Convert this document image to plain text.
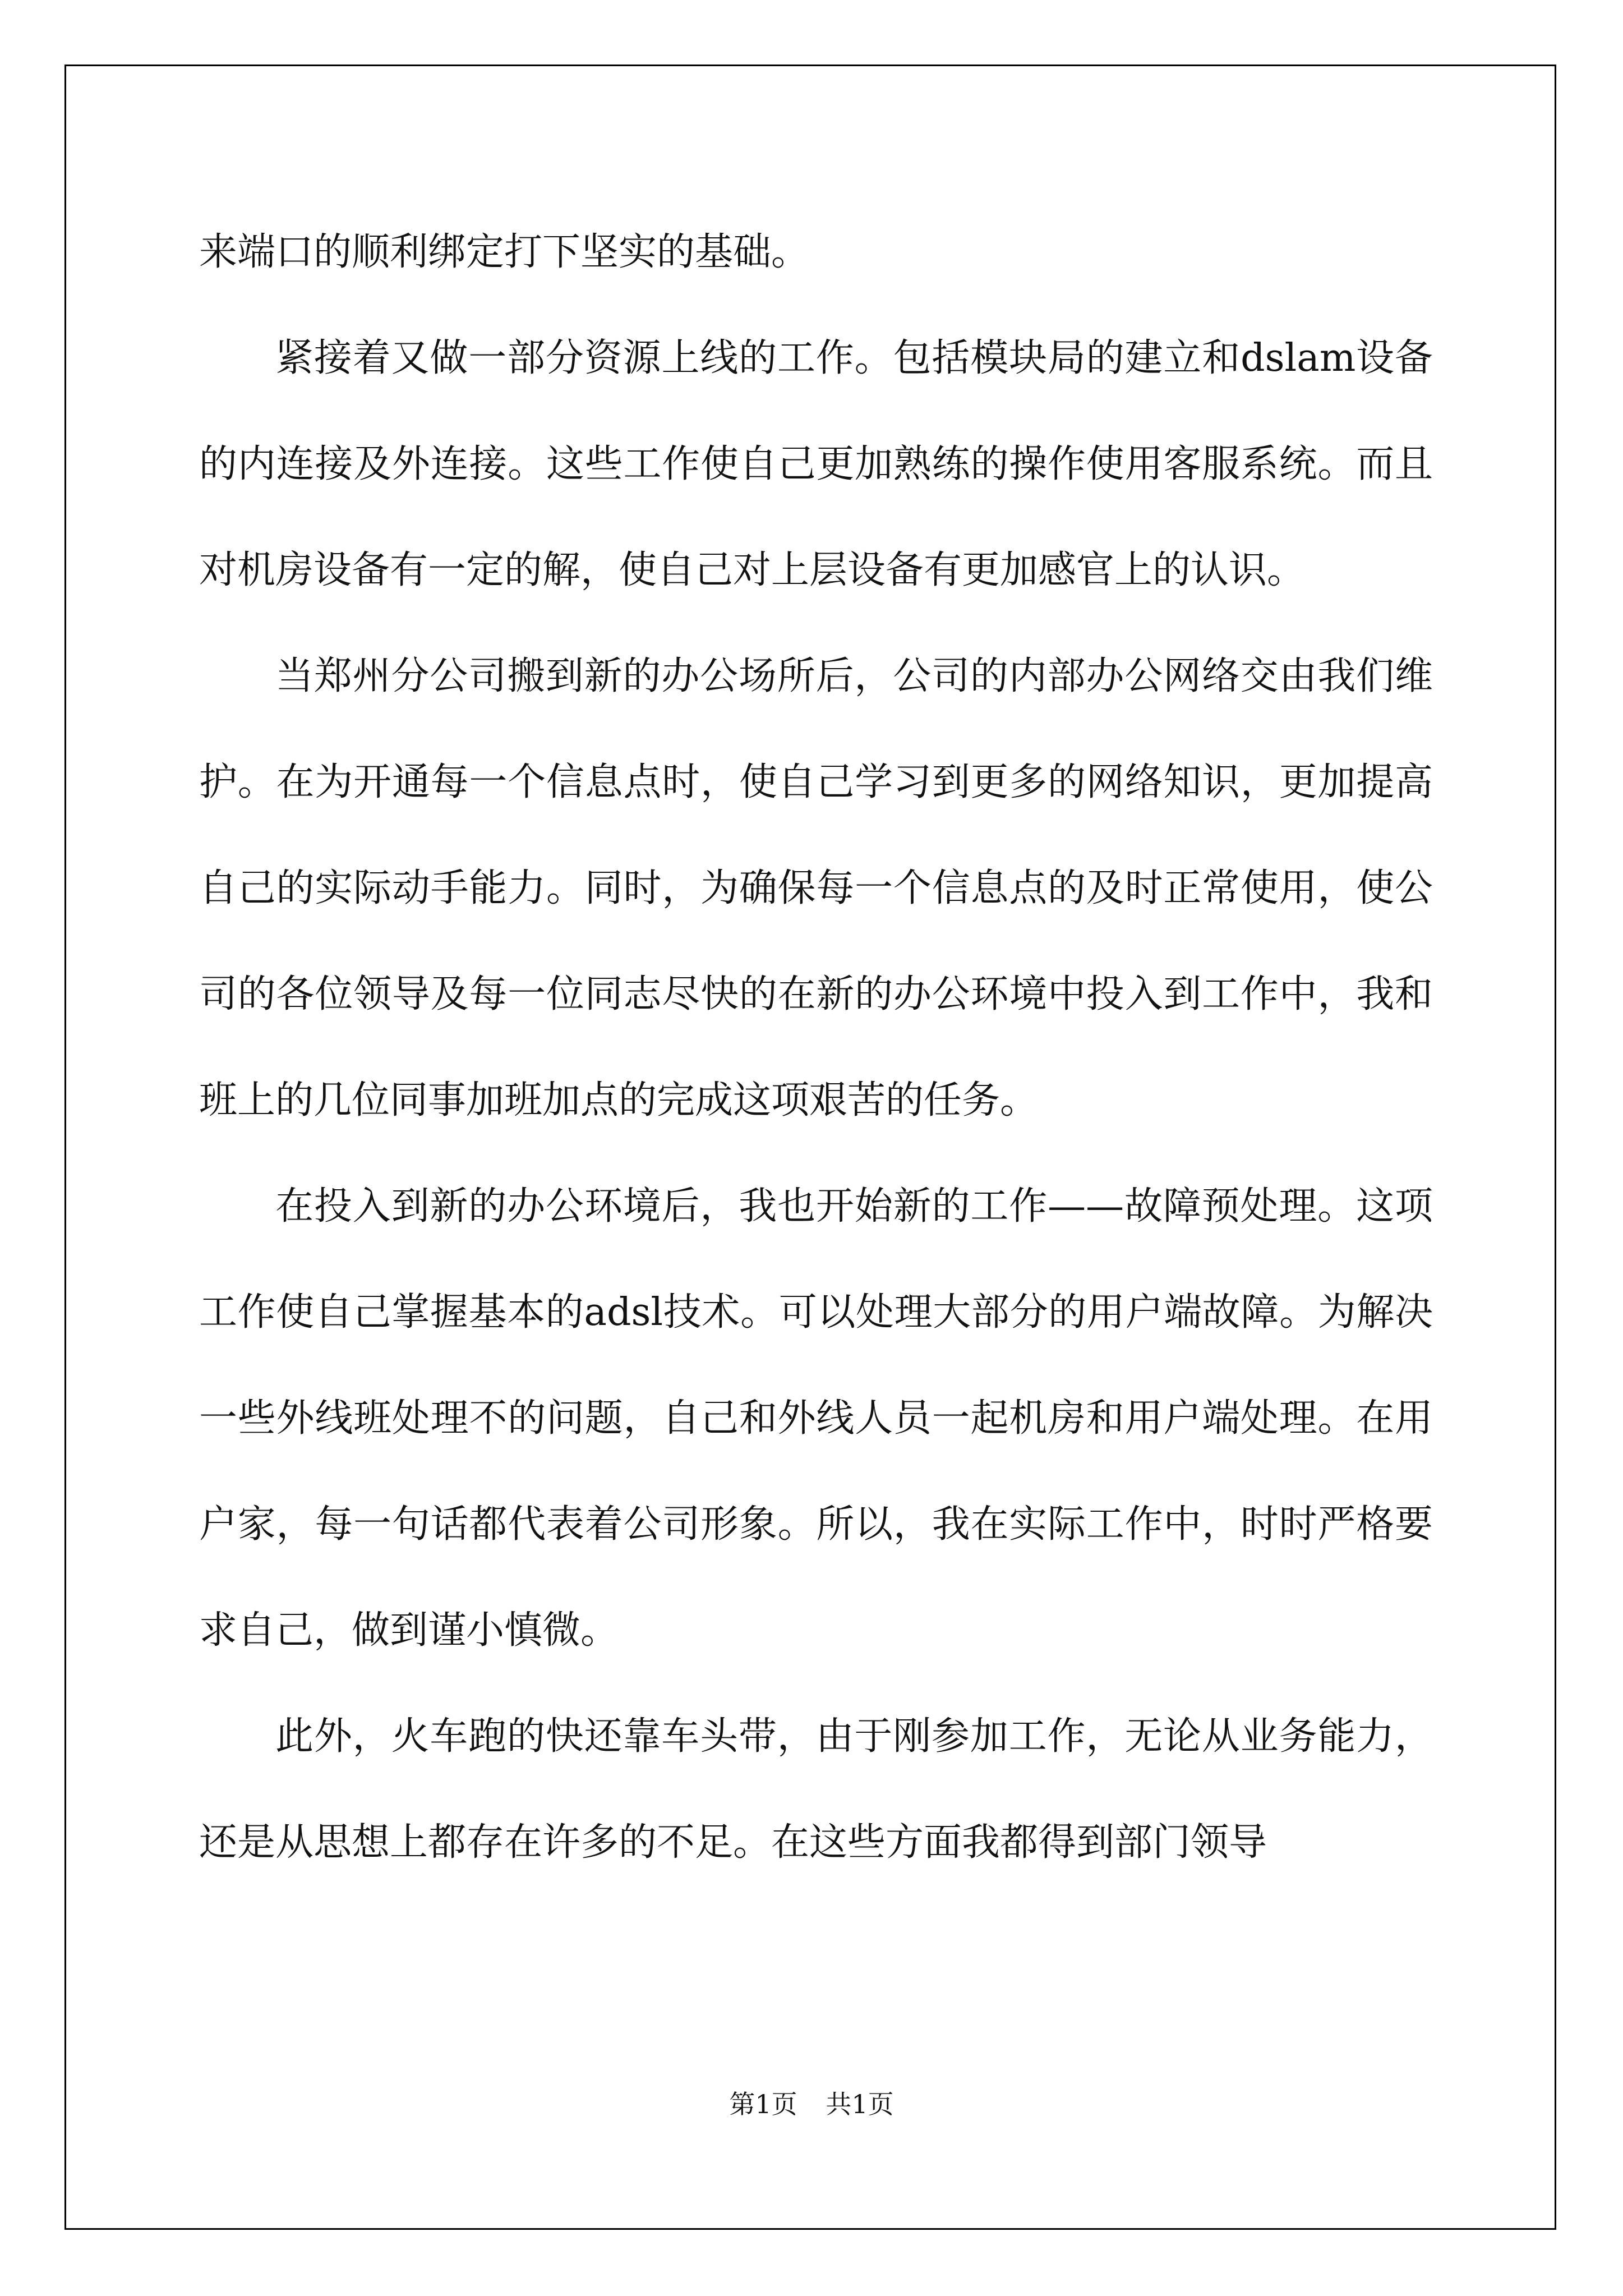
来端口的顺利绑定打下坚实的基础。

紧接着又做一部分资源上线的工作。包括模块局的建立和dslam设备的内连接及外连接。这些工作使自己更加熟练的操作使用客服系统。而且对机房设备有一定的解，使自己对上层设备有更加感官上的认识。

当郑州分公司搬到新的办公场所后，公司的内部办公网络交由我们维护。在为开通每一个信息点时，使自己学习到更多的网络知识，更加提高自己的实际动手能力。同时，为确保每一个信息点的及时正常使用，使公司的各位领导及每一位同志尽快的在新的办公环境中投入到工作中，我和班上的几位同事加班加点的完成这项艰苦的任务。

在投入到新的办公环境后，我也开始新的工作——故障预处理。这项工作使自己掌握基本的adsl技术。可以处理大部分的用户端故障。为解决一些外线班处理不的问题，自己和外线人员一起机房和用户端处理。在用户家，每一句话都代表着公司形象。所以，我在实际工作中，时时严格要求自己，做到谨小慎微。

此外，火车跑的快还靠车头带，由于刚参加工作，无论从业务能力，还是从思想上都存在许多的不足。在这些方面我都得到部门领导

第1页 共1页
